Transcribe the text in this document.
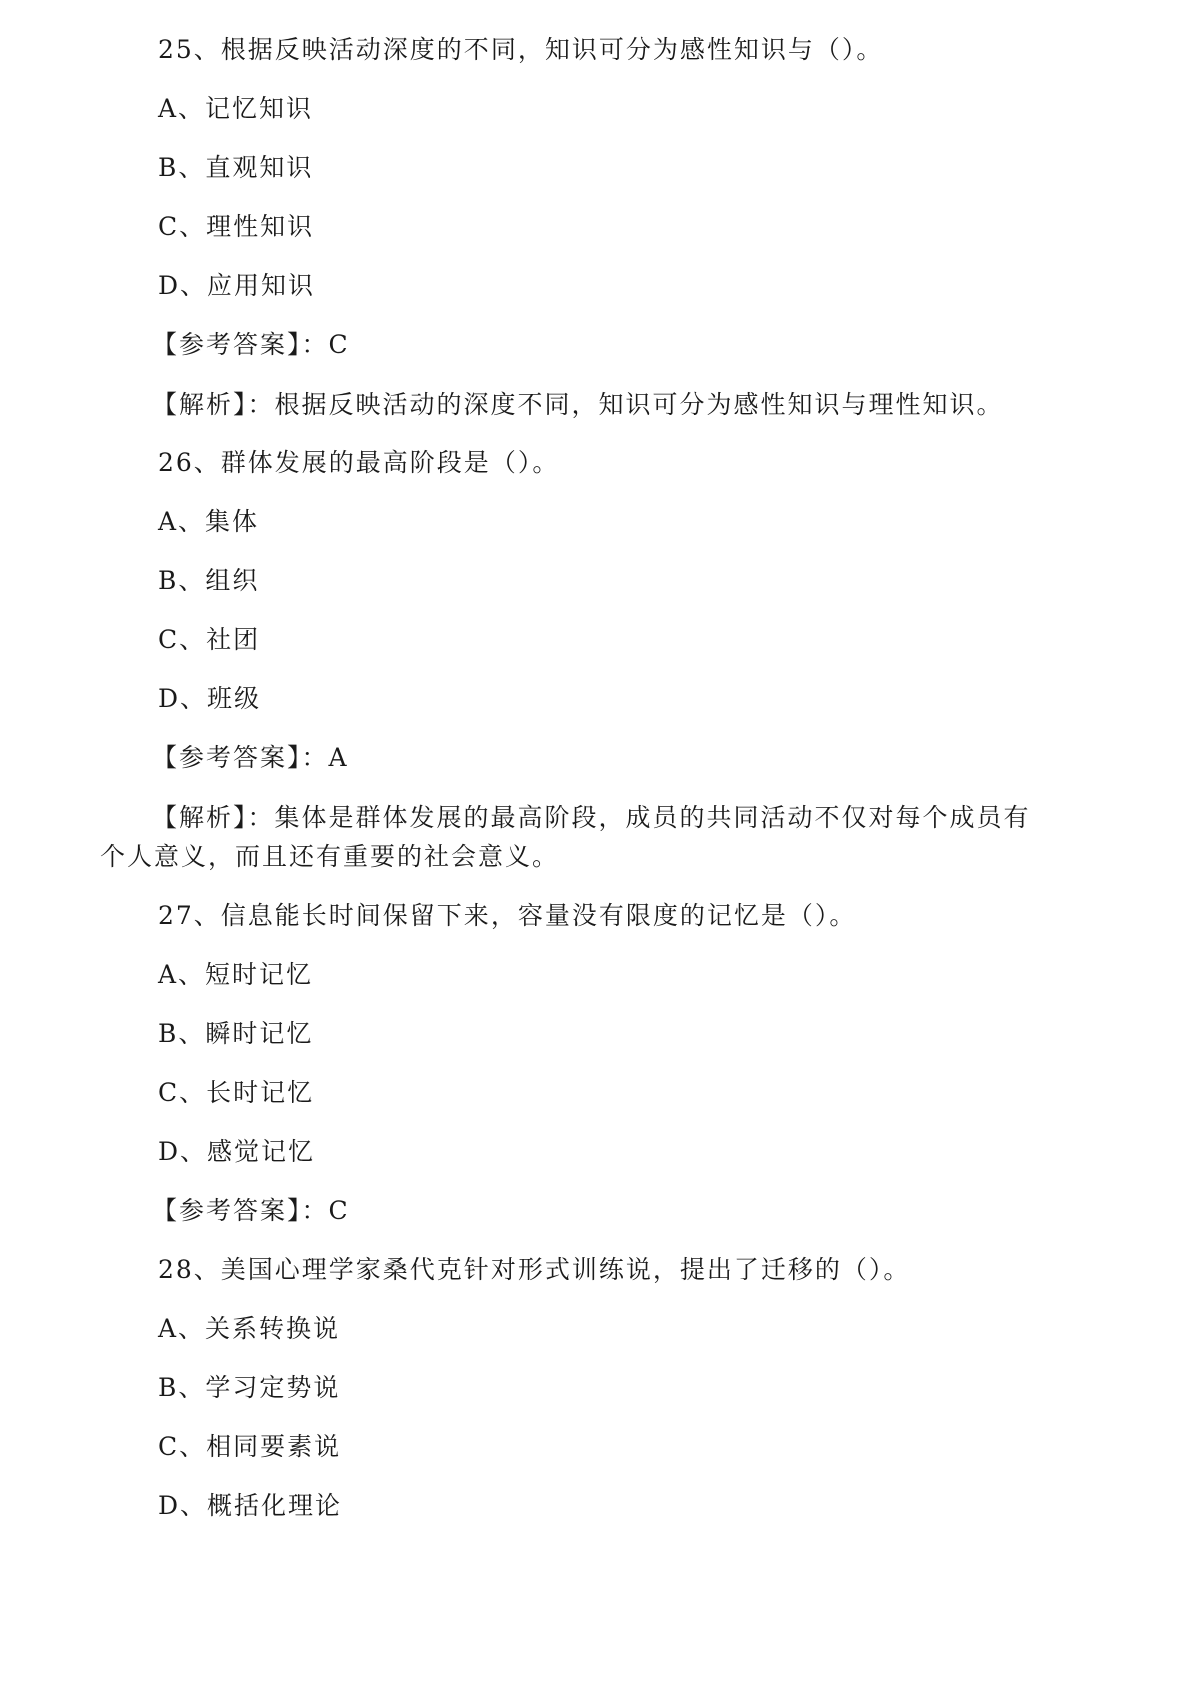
25、根据反映活动深度的不同，知识可分为感性知识与（）。
A、记忆知识
B、直观知识
C、理性知识
D、应用知识
【参考答案】：C
【解析】：根据反映活动的深度不同，知识可分为感性知识与理性知识。
26、群体发展的最高阶段是（）。
A、集体
B、组织
C、社团
D、班级
【参考答案】：A
【解析】：集体是群体发展的最高阶段，成员的共同活动不仅对每个成员有
个人意义，而且还有重要的社会意义。
27、信息能长时间保留下来，容量没有限度的记忆是（）。
A、短时记忆
B、瞬时记忆
C、长时记忆
D、感觉记忆
【参考答案】：C
28、美国心理学家桑代克针对形式训练说，提出了迁移的（）。
A、关系转换说
B、学习定势说
C、相同要素说
D、概括化理论
